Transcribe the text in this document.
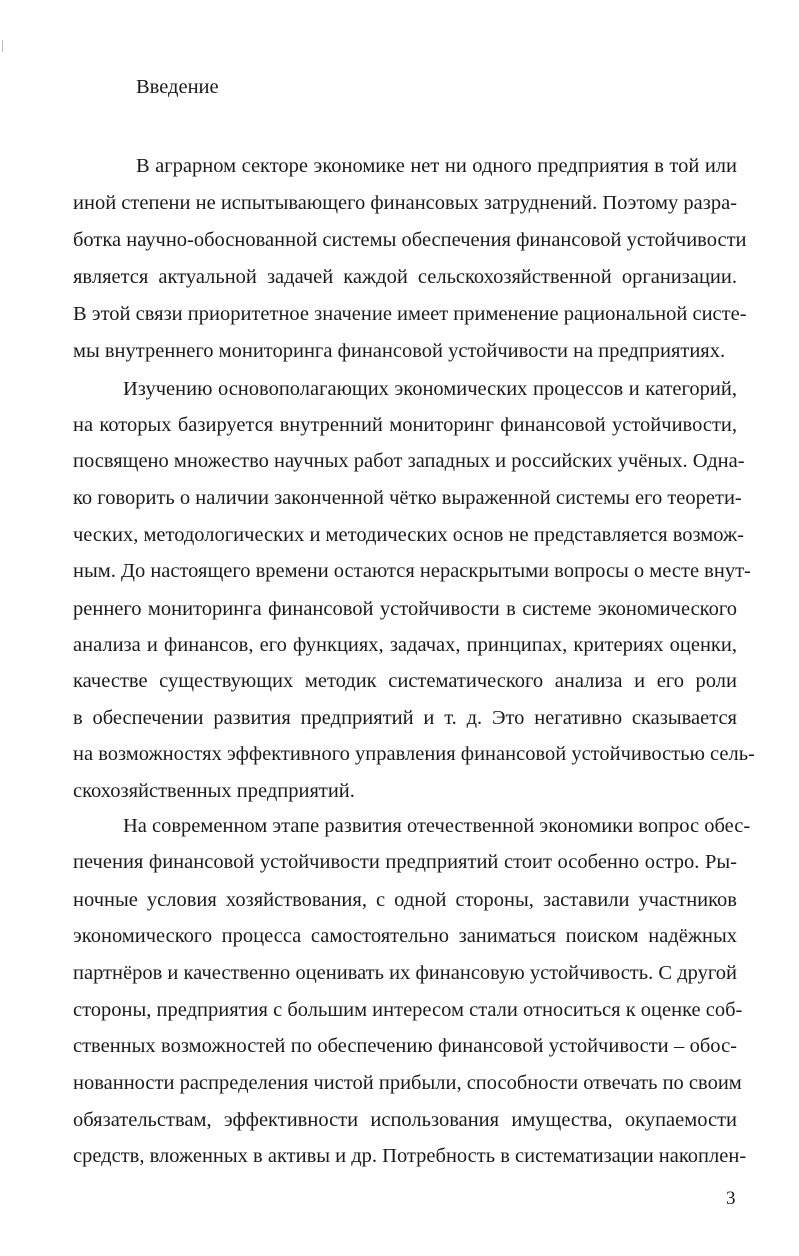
Введение
В аграрном секторе экономике нет ни одного предприятия в той или
иной степени не испытывающего финансовых затруднений. Поэтому разра-
ботка научно-обоснованной системы обеспечения финансовой устойчивости
является актуальной задачей каждой сельскохозяйственной организации.
В этой связи приоритетное значение имеет применение рациональной систе-
мы внутреннего мониторинга финансовой устойчивости на предприятиях.
Изучению основополагающих экономических процессов и категорий,
на которых базируется внутренний мониторинг финансовой устойчивости,
посвящено множество научных работ западных и российских учёных. Одна-
ко говорить о наличии законченной чётко выраженной системы его теорети-
ческих, методологических и методических основ не представляется возмож-
ным. До настоящего времени остаются нераскрытыми вопросы о месте внут-
реннего мониторинга финансовой устойчивости в системе экономического
анализа и финансов, его функциях, задачах, принципах, критериях оценки,
качестве существующих методик систематического анализа и его роли
в обеспечении развития предприятий и т. д. Это негативно сказывается
на возможностях эффективного управления финансовой устойчивостью сель-
скохозяйственных предприятий.
На современном этапе развития отечественной экономики вопрос обес-
печения финансовой устойчивости предприятий стоит особенно остро. Ры-
ночные условия хозяйствования, с одной стороны, заставили участников
экономического процесса самостоятельно заниматься поиском надёжных
партнёров и качественно оценивать их финансовую устойчивость. С другой
стороны, предприятия с большим интересом стали относиться к оценке соб-
ственных возможностей по обеспечению финансовой устойчивости – обос-
нованности распределения чистой прибыли, способности отвечать по своим
обязательствам, эффективности использования имущества, окупаемости
средств, вложенных в активы и др. Потребность в систематизации накоплен-
3
